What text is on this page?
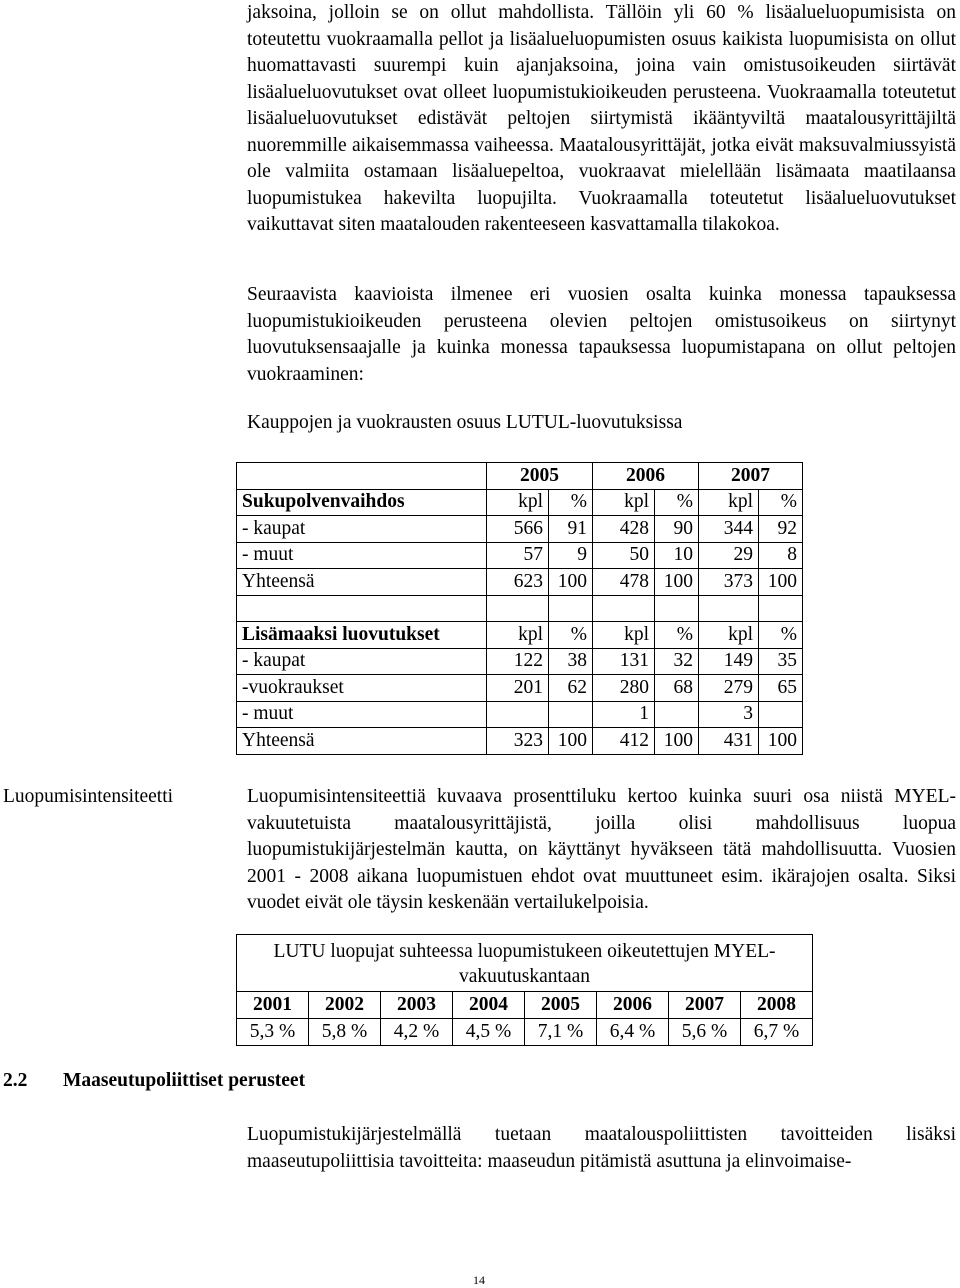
jaksoina, jolloin se on ollut mahdollista. Tällöin yli 60 % lisäalueluopumisista on toteutettu vuokraamalla pellot ja lisäalueluopumisten osuus kaikista luopumisista on ollut huomattavasti suurempi kuin ajanjaksoina, joina vain omistusoikeuden siirtävät lisäalueluovutukset ovat olleet luopumistukioikeuden perusteena. Vuokraamalla toteutetut lisäalueluovutukset edistävät peltojen siirtymistä ikääntyviltä maatalousyrittäjiltä nuoremmille aikaisemmassa vaiheessa. Maatalousyrittäjät, jotka eivät maksuvalmiussyistä ole valmiita ostamaan lisäaluepeltoa, vuokraavat mielellään lisämaata maatilaansa luopumistukea hakevilta luopujilta. Vuokraamalla toteutetut lisäalueluovutukset vaikuttavat siten maatalouden rakenteeseen kasvattamalla tilakokoa.

Seuraavista kaavioista ilmenee eri vuosien osalta kuinka monessa tapauksessa luopumistukioikeuden perusteena olevien peltojen omistusoikeus on siirtynyt luovutuksensaajalle ja kuinka monessa tapauksessa luopumistapana on ollut peltojen vuokraaminen:

Kauppojen ja vuokrausten osuus LUTUL-luovutuksissa

	2005		2006		2007	
Sukupolvenvaihdos	kpl	%	kpl	%	kpl	%
- kaupat	566	91	428	90	344	92
- muut	57	9	50	10	29	8
Yhteensä	623	100	478	100	373	100

Lisämaaksi luovutukset	kpl	%	kpl	%	kpl	%
- kaupat	122	38	131	32	149	35
-vuokraukset	201	62	280	68	279	65
- muut			1		3	
Yhteensä	323	100	412	100	431	100

Luopumisintensiteetti	Luopumisintensiteettiä kuvaava prosenttiluku kertoo kuinka suuri osa niistä MYEL-vakuutetuista maatalousyrittäjistä, joilla olisi mahdollisuus luopua luopumistukijärjestelmän kautta, on käyttänyt hyväkseen tätä mahdollisuutta. Vuosien 2001 - 2008 aikana luopumistuen ehdot ovat muuttuneet esim. ikärajojen osalta. Siksi vuodet eivät ole täysin keskenään vertailukelpoisia.

LUTU luopujat suhteessa luopumistukeen oikeutettujen MYEL-vakuutuskantaan							
2001	2002	2003	2004	2005	2006	2007	2008
5,3 %	5,8 %	4,2 %	4,5 %	7,1 %	6,4 %	5,6 %	6,7 %

2.2 Maaseutupoliittiset perusteet

Luopumistukijärjestelmällä tuetaan maatalouspoliittisten tavoitteiden lisäksi maaseutupoliittisia tavoitteita: maaseudun pitämistä asuttuna ja elinvoimaise-

14
